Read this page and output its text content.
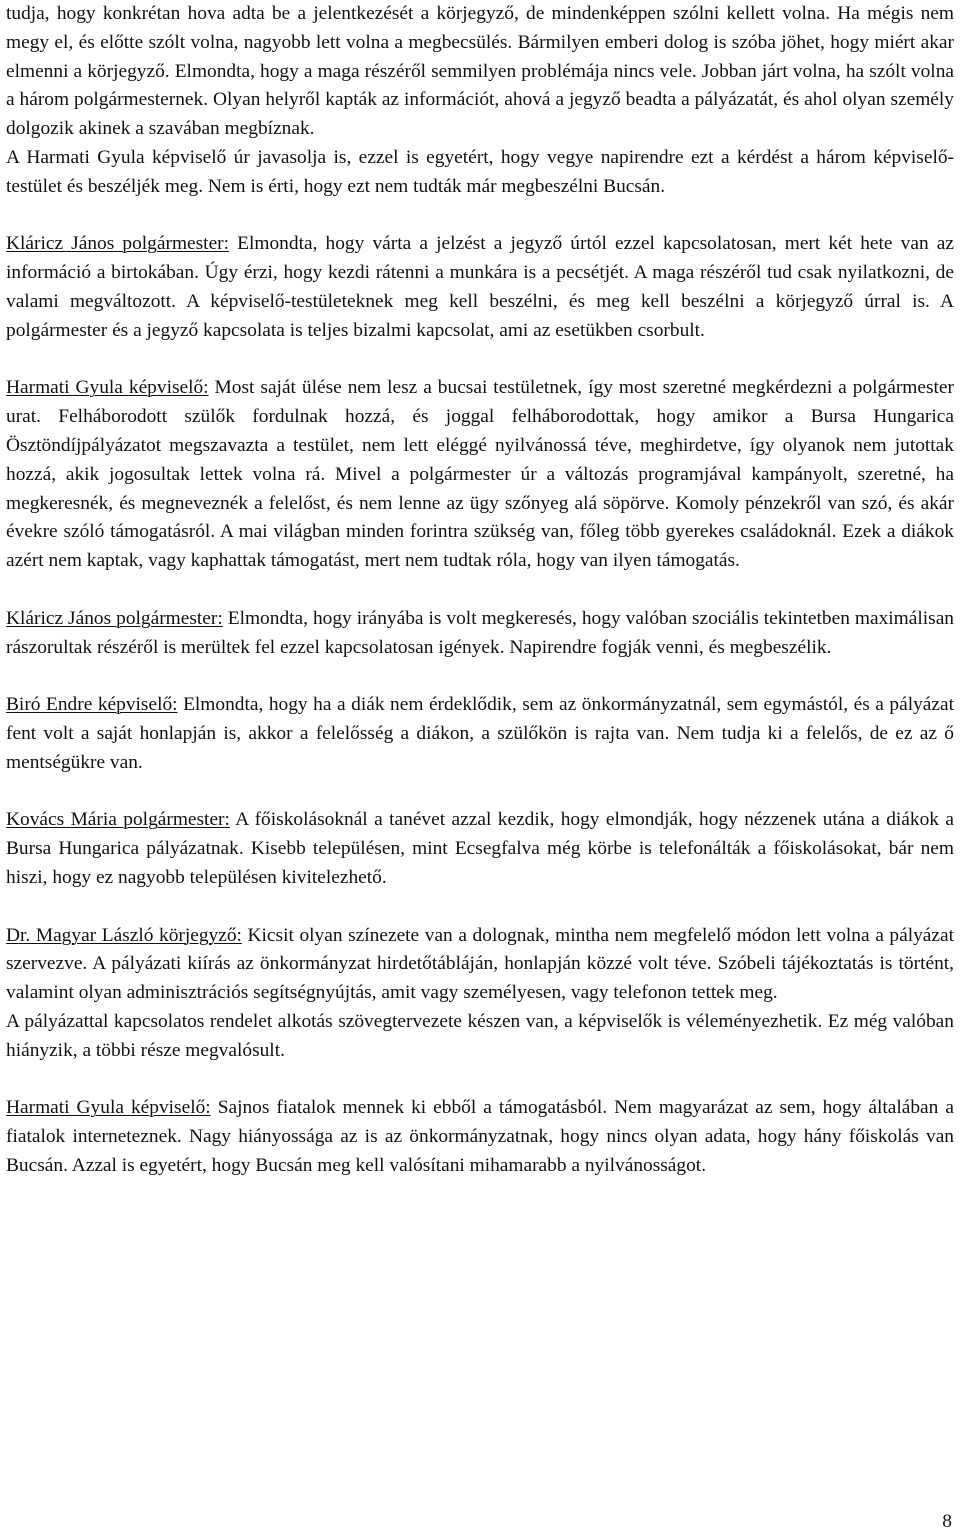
tudja, hogy konkrétan hova adta be a jelentkezését a körjegyző, de mindenképpen szólni kellett volna. Ha mégis nem megy el, és előtte szólt volna, nagyobb lett volna a megbecsülés. Bármilyen emberi dolog is szóba jöhet, hogy miért akar elmenni a körjegyző. Elmondta, hogy a maga részéről semmilyen problémája nincs vele. Jobban járt volna, ha szólt volna a három polgármesternek. Olyan helyről kapták az információt, ahová a jegyző beadta a pályázatát, és ahol olyan személy dolgozik akinek a szavában megbíznak.

A Harmati Gyula képviselő úr javasolja is, ezzel is egyetért, hogy vegye napirendre ezt a kérdést a három képviselő-testület és beszéljék meg. Nem is érti, hogy ezt nem tudták már megbeszélni Bucsán.

Kláricz János polgármester: Elmondta, hogy várta a jelzést a jegyző úrtól ezzel kapcsolatosan, mert két hete van az információ a birtokában. Úgy érzi, hogy kezdi rátenni a munkára is a pecsétjét. A maga részéről tud csak nyilatkozni, de valami megváltozott. A képviselő-testületeknek meg kell beszélni, és meg kell beszélni a körjegyző úrral is. A polgármester és a jegyző kapcsolata is teljes bizalmi kapcsolat, ami az esetükben csorbult.

Harmati Gyula képviselő: Most saját ülése nem lesz a bucsai testületnek, így most szeretné megkérdezni a polgármester urat. Felháborodott szülők fordulnak hozzá, és joggal felháborodottak, hogy amikor a Bursa Hungarica Ösztöndíjpályázatot megszavazta a testület, nem lett eléggé nyilvánossá téve, meghirdetve, így olyanok nem jutottak hozzá, akik jogosultak lettek volna rá. Mivel a polgármester úr a változás programjával kampányolt, szeretné, ha megkeresnék, és megneveznék a felelőst, és nem lenne az ügy szőnyeg alá söpörve. Komoly pénzekről van szó, és akár évekre szóló támogatásról. A mai világban minden forintra szükség van, főleg több gyerekes családoknál. Ezek a diákok azért nem kaptak, vagy kaphattak támogatást, mert nem tudtak róla, hogy van ilyen támogatás.

Kláricz János polgármester: Elmondta, hogy irányába is volt megkeresés, hogy valóban szociális tekintetben maximálisan rászorultak részéről is merültek fel ezzel kapcsolatosan igények. Napirendre fogják venni, és megbeszélik.

Biró Endre képviselő: Elmondta, hogy ha a diák nem érdeklődik, sem az önkormányzatnál, sem egymástól, és a pályázat fent volt a saját honlapján is, akkor a felelősség a diákon, a szülőkön is rajta van. Nem tudja ki a felelős, de ez az ő mentségükre van.

Kovács Mária polgármester: A főiskolásoknál a tanévet azzal kezdik, hogy elmondják, hogy nézzenek utána a diákok a Bursa Hungarica pályázatnak. Kisebb településen, mint Ecsegfalva még körbe is telefonálták a főiskolásokat, bár nem hiszi, hogy ez nagyobb településen kivitelezhető.

Dr. Magyar László körjegyző: Kicsit olyan színezete van a dolognak, mintha nem megfelelő módon lett volna a pályázat szervezve. A pályázati kiírás az önkormányzat hirdetőtábláján, honlapján közzé volt téve. Szóbeli tájékoztatás is történt, valamint olyan adminisztrációs segítségnyújtás, amit vagy személyesen, vagy telefonon tettek meg.

A pályázattal kapcsolatos rendelet alkotás szövegtervezete készen van, a képviselők is véleményezhetik. Ez még valóban hiányzik, a többi része megvalósult.

Harmati Gyula képviselő: Sajnos fiatalok mennek ki ebből a támogatásból. Nem magyarázat az sem, hogy általában a fiatalok interneteznek. Nagy hiányossága az is az önkormányzatnak, hogy nincs olyan adata, hogy hány főiskolás van Bucsán. Azzal is egyetért, hogy Bucsán meg kell valósítani mihamarabb a nyilvánosságot.

8
